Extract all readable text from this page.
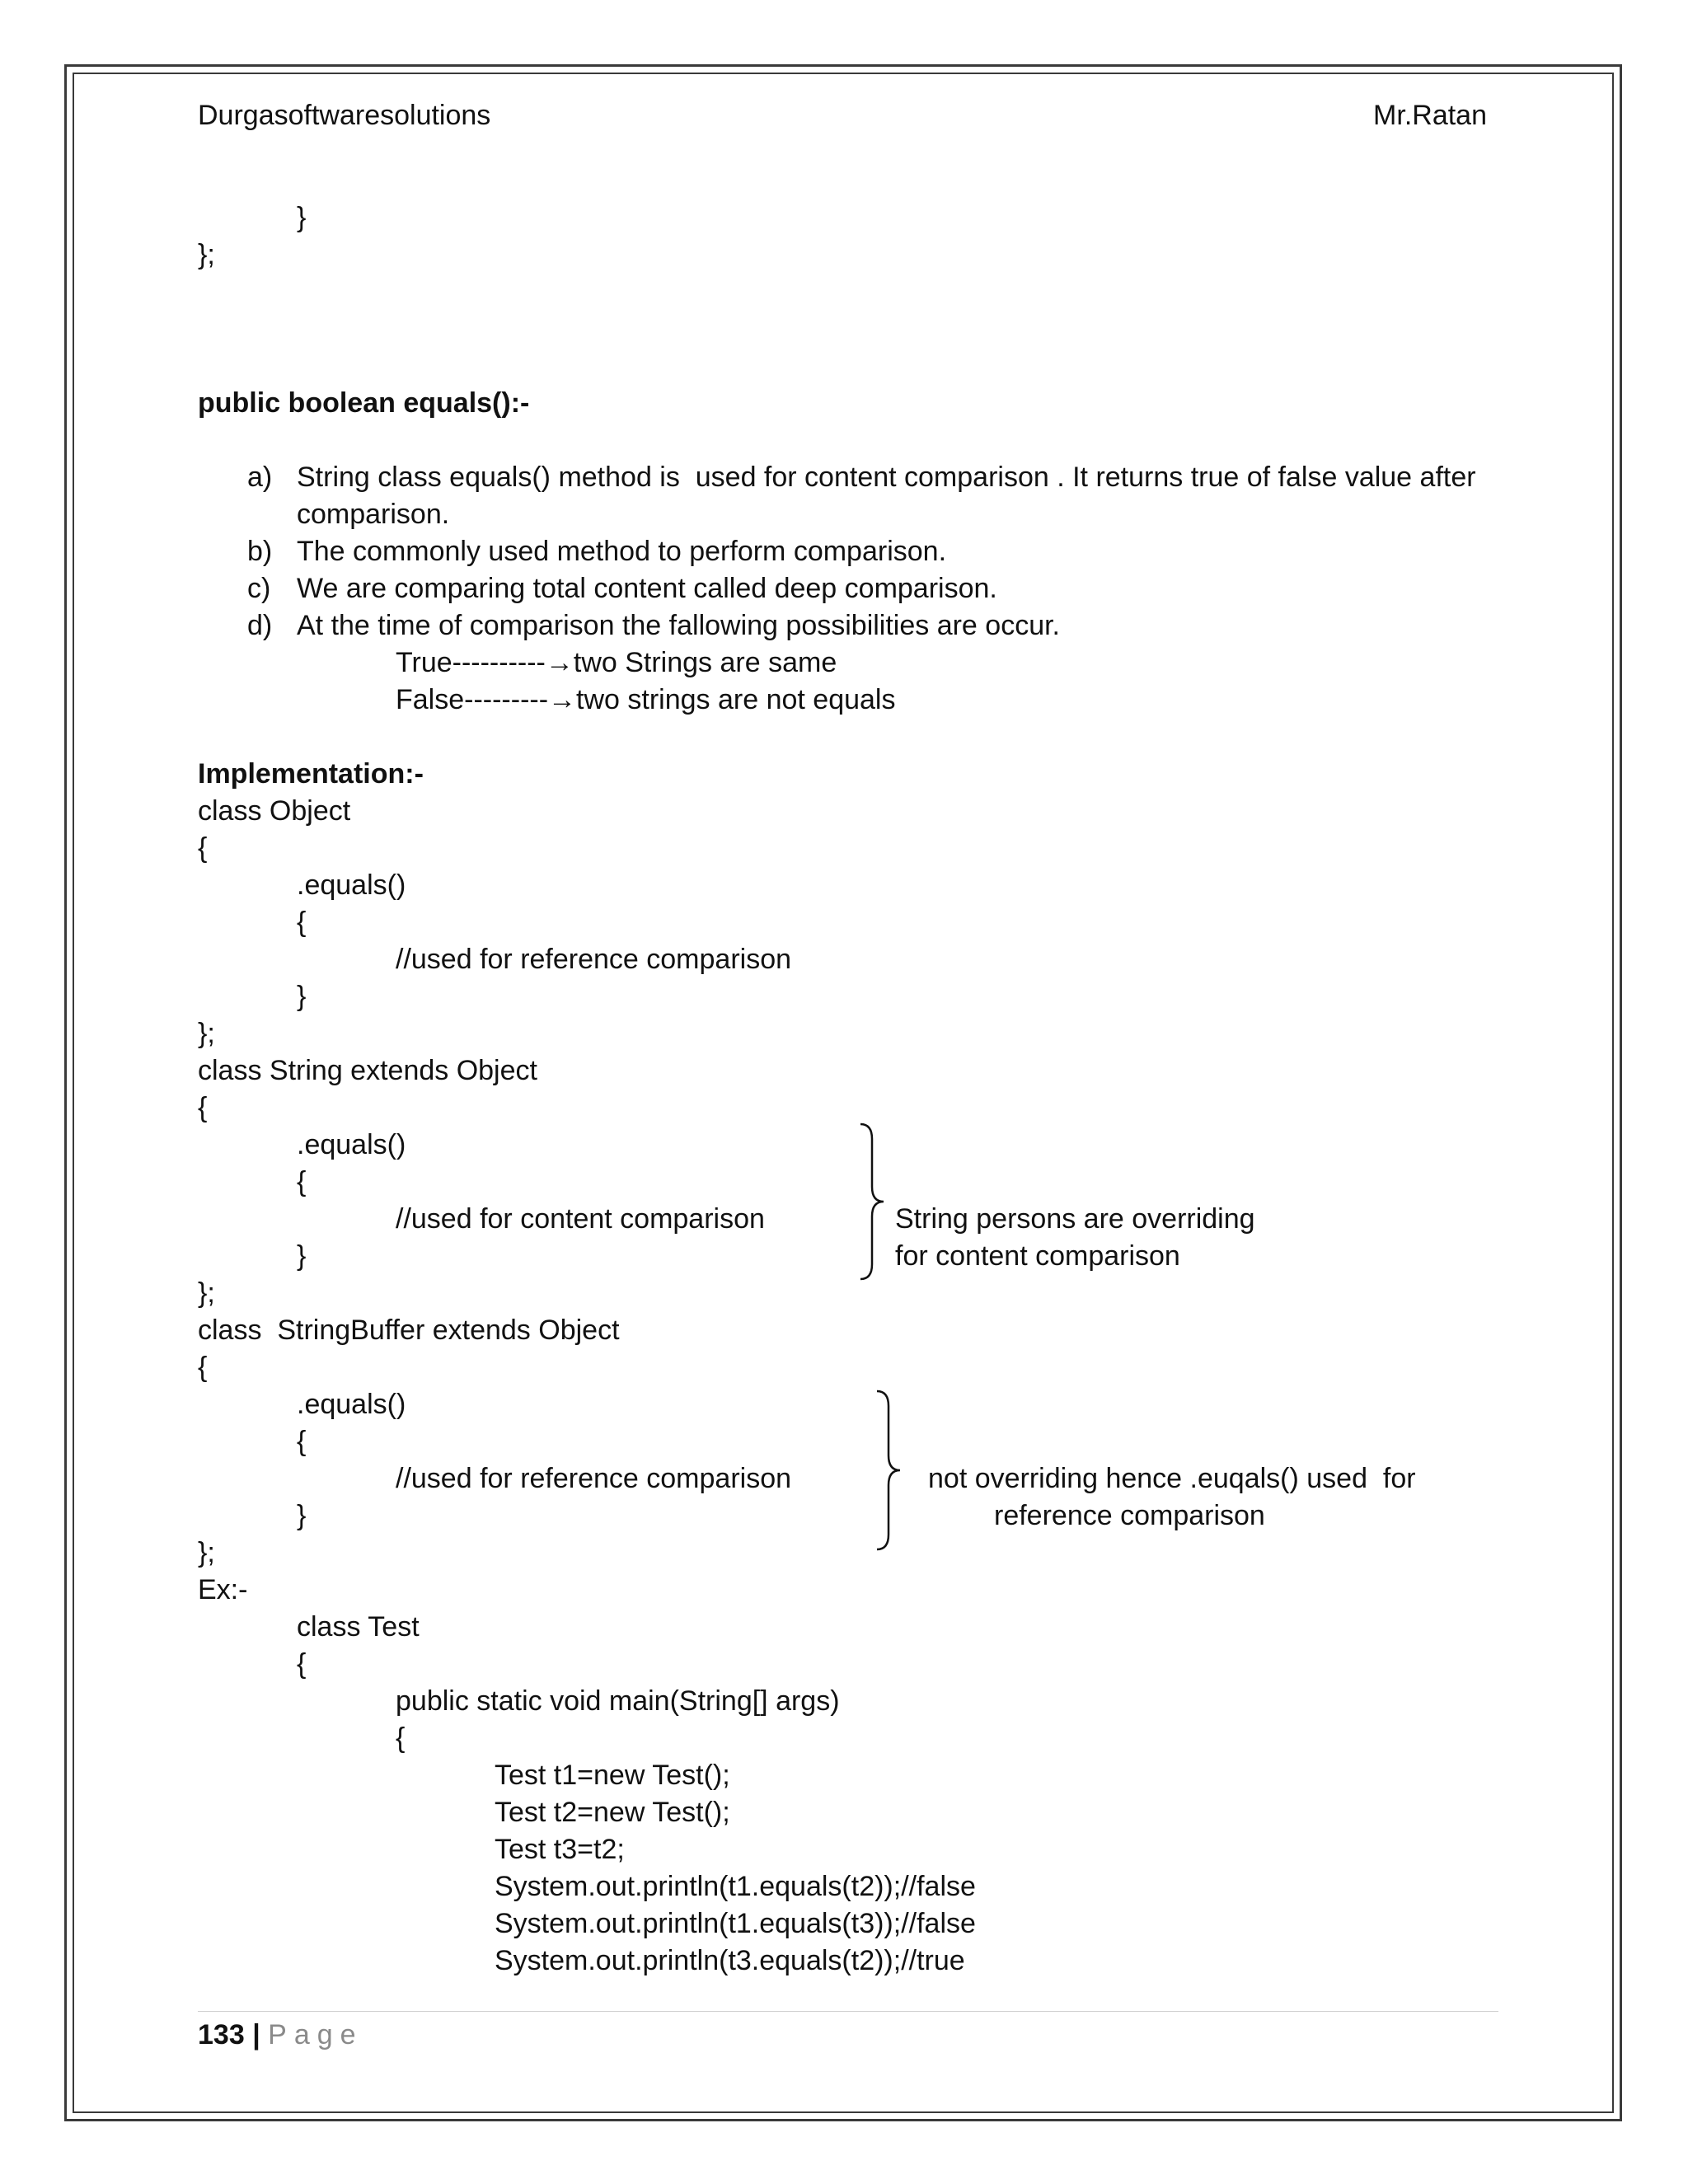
Durgasoftwaresolutions	Mr.Ratan
}
};
public boolean equals():-
a) String class equals() method is  used for content comparison . It returns true of false value after
comparison.
b) The commonly used method to perform comparison.
c) We are comparing total content called deep comparison.
d) At the time of comparison the fallowing possibilities are occur.
True----------→two Strings are same
False---------→two strings are not equals
Implementation:-
class Object
{
.equals()
{
//used for reference comparison
}
};
class String extends Object
{
.equals()
{
//used for content comparison
}
};
String persons are overriding
for content comparison
class  StringBuffer extends Object
{
.equals()
{
//used for reference comparison
}
};
not overriding hence .euqals() used  for
reference comparison
Ex:-
class Test
{
public static void main(String[] args)
{
Test t1=new Test();
Test t2=new Test();
Test t3=t2;
System.out.println(t1.equals(t2));//false
System.out.println(t1.equals(t3));//false
System.out.println(t3.equals(t2));//true
133 | Page
